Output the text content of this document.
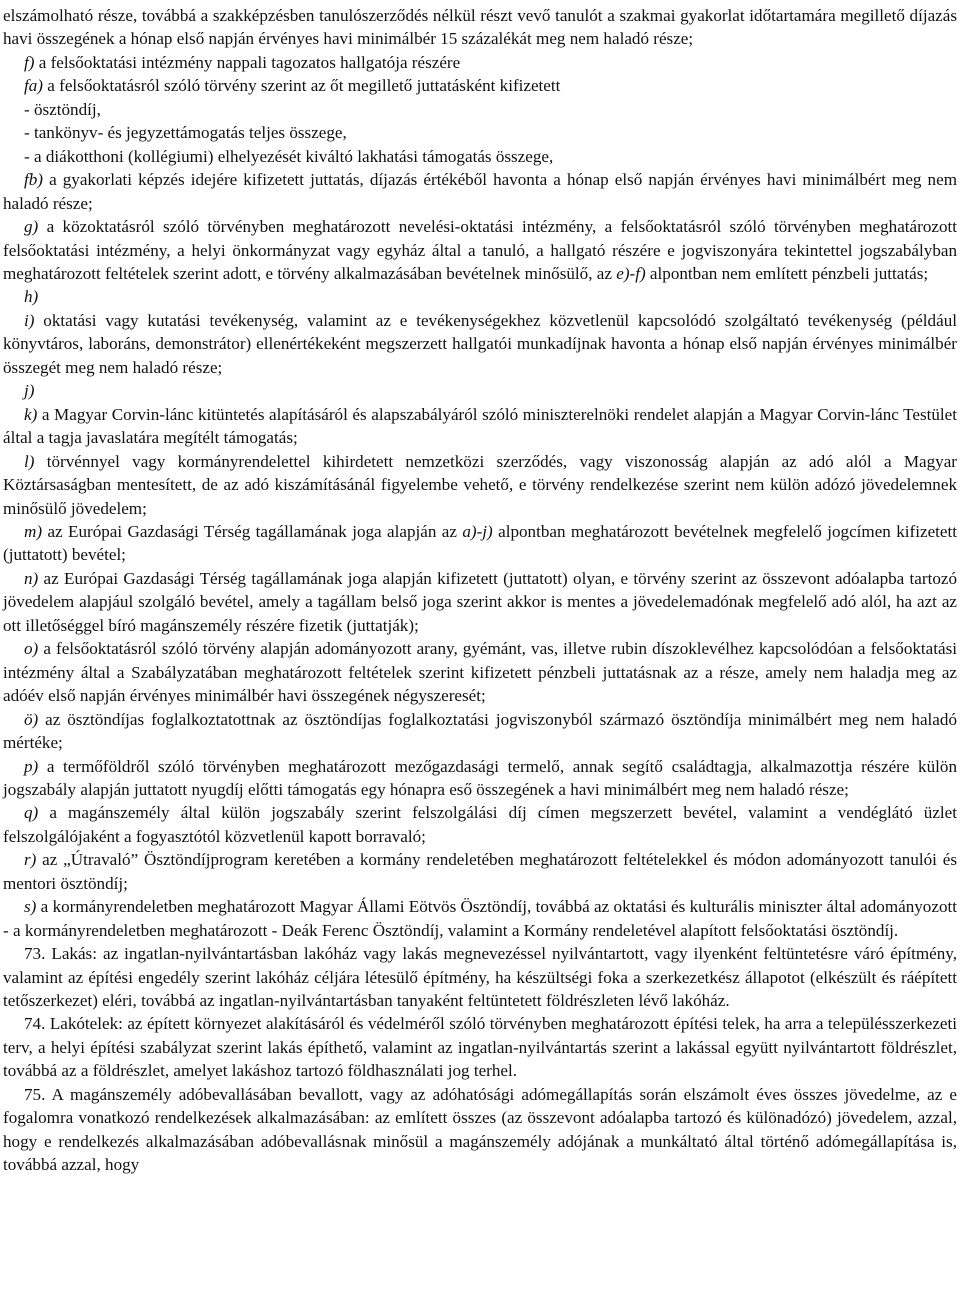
elszámolható része, továbbá a szakképzésben tanulószerződés nélkül részt vevő tanulót a szakmai gyakorlat időtartamára megillető díjazás havi összegének a hónap első napján érvényes havi minimálbér 15 százalékát meg nem haladó része;

f) a felsőoktatási intézmény nappali tagozatos hallgatója részére

fa) a felsőoktatásról szóló törvény szerint az őt megillető juttatásként kifizetett

- ösztöndíj,

- tankönyv- és jegyzettámogatás teljes összege,

- a diákotthoni (kollégiumi) elhelyezését kiváltó lakhatási támogatás összege,

fb) a gyakorlati képzés idejére kifizetett juttatás, díjazás értékéből havonta a hónap első napján érvényes havi minimálbért meg nem haladó része;

g) a közoktatásról szóló törvényben meghatározott nevelési-oktatási intézmény, a felsőoktatásról szóló törvényben meghatározott felsőoktatási intézmény, a helyi önkormányzat vagy egyház által a tanuló, a hallgató részére e jogviszonyára tekintettel jogszabályban meghatározott feltételek szerint adott, e törvény alkalmazásában bevételnek minősülő, az e)-f) alpontban nem említett pénzbeli juttatás;

h)

i) oktatási vagy kutatási tevékenység, valamint az e tevékenységekhez közvetlenül kapcsolódó szolgáltató tevékenység (például könyvtáros, laboráns, demonstrátor) ellenértékeként megszerzett hallgatói munkadíjnak havonta a hónap első napján érvényes minimálbér összegét meg nem haladó része;

j)

k) a Magyar Corvin-lánc kitüntetés alapításáról és alapszabályáról szóló miniszterelnöki rendelet alapján a Magyar Corvin-lánc Testület által a tagja javaslatára megítélt támogatás;

l) törvénnyel vagy kormányrendelettel kihirdetett nemzetközi szerződés, vagy viszonosság alapján az adó alól a Magyar Köztársaságban mentesített, de az adó kiszámításánál figyelembe vehető, e törvény rendelkezése szerint nem külön adózó jövedelemnek minősülő jövedelem;

m) az Európai Gazdasági Térség tagállamának joga alapján az a)-j) alpontban meghatározott bevételnek megfelelő jogcímen kifizetett (juttatott) bevétel;

n) az Európai Gazdasági Térség tagállamának joga alapján kifizetett (juttatott) olyan, e törvény szerint az összevont adóalapba tartozó jövedelem alapjául szolgáló bevétel, amely a tagállam belső joga szerint akkor is mentes a jövedelemadónak megfelelő adó alól, ha azt az ott illetőséggel bíró magánszemély részére fizetik (juttatják);

o) a felsőoktatásról szóló törvény alapján adományozott arany, gyémánt, vas, illetve rubin díszoklevélhez kapcsolódóan a felsőoktatási intézmény által a Szabályzatában meghatározott feltételek szerint kifizetett pénzbeli juttatásnak az a része, amely nem haladja meg az adóév első napján érvényes minimálbér havi összegének négyszeresét;

ö) az ösztöndíjas foglalkoztatottnak az ösztöndíjas foglalkoztatási jogviszonyból származó ösztöndíja minimálbért meg nem haladó mértéke;

p) a termőföldről szóló törvényben meghatározott mezőgazdasági termelő, annak segítő családtagja, alkalmazottja részére külön jogszabály alapján juttatott nyugdíj előtti támogatás egy hónapra eső összegének a havi minimálbért meg nem haladó része;

q) a magánszemély által külön jogszabály szerint felszolgálási díj címen megszerzett bevétel, valamint a vendéglátó üzlet felszolgálójaként a fogyasztótól közvetlenül kapott borravaló;

r) az „Útravaló” Ösztöndíjprogram keretében a kormány rendeletében meghatározott feltételekkel és módon adományozott tanulói és mentori ösztöndíj;

s) a kormányrendeletben meghatározott Magyar Állami Eötvös Ösztöndíj, továbbá az oktatási és kulturális miniszter által adományozott - a kormányrendeletben meghatározott - Deák Ferenc Ösztöndíj, valamint a Kormány rendeletével alapított felsőoktatási ösztöndíj.

73. Lakás: az ingatlan-nyilvántartásban lakóház vagy lakás megnevezéssel nyilvántartott, vagy ilyenként feltüntetésre váró építmény, valamint az építési engedély szerint lakóház céljára létesülő építmény, ha készültségi foka a szerkezetkész állapotot (elkészült és ráépített tetőszerkezet) eléri, továbbá az ingatlan-nyilvántartásban tanyaként feltüntetett földrészleten lévő lakóház.

74. Lakótelek: az épített környezet alakításáról és védelméről szóló törvényben meghatározott építési telek, ha arra a településszerkezeti terv, a helyi építési szabályzat szerint lakás építhető, valamint az ingatlan-nyilvántartás szerint a lakással együtt nyilvántartott földrészlet, továbbá az a földrészlet, amelyet lakáshoz tartozó földhasználati jog terhel.

75. A magánszemély adóbevallásában bevallott, vagy az adóhatósági adómegállapítás során elszámolt éves összes jövedelme, az e fogalomra vonatkozó rendelkezések alkalmazásában: az említett összes (az összevont adóalapba tartozó és különadózó) jövedelem, azzal, hogy e rendelkezés alkalmazásában adóbevallásnak minősül a magánszemély adójának a munkáltató által történő adómegállapítása is, továbbá azzal, hogy
